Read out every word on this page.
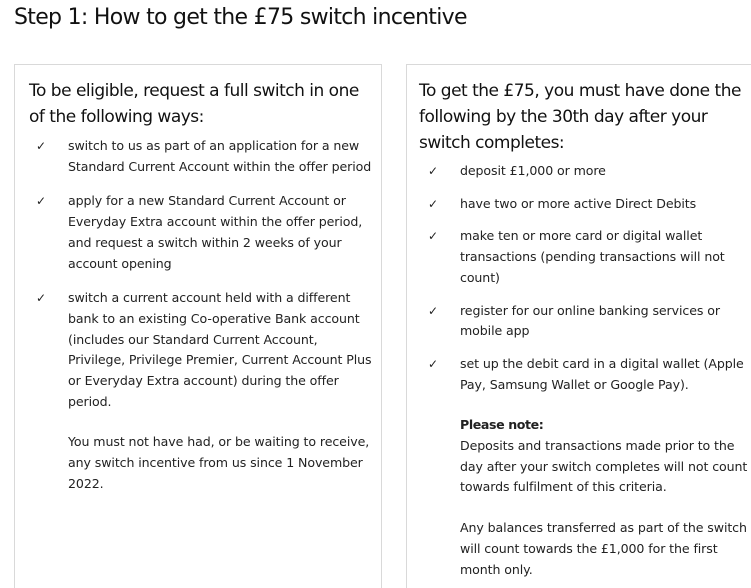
Step 1: How to get the £75 switch incentive
To be eligible, request a full switch in one of the following ways:
✓ switch to us as part of an application for a new Standard Current Account within the offer period
✓ apply for a new Standard Current Account or Everyday Extra account within the offer period, and request a switch within 2 weeks of your account opening
✓ switch a current account held with a different bank to an existing Co-operative Bank account (includes our Standard Current Account, Privilege, Privilege Premier, Current Account Plus or Everyday Extra account) during the offer period.
You must not have had, or be waiting to receive, any switch incentive from us since 1 November 2022.
To get the £75, you must have done the following by the 30th day after your switch completes:
✓ deposit £1,000 or more
✓ have two or more active Direct Debits
✓ make ten or more card or digital wallet transactions (pending transactions will not count)
✓ register for our online banking services or mobile app
✓ set up the debit card in a digital wallet (Apple Pay, Samsung Wallet or Google Pay).
Please note:
Deposits and transactions made prior to the day after your switch completes will not count towards fulfilment of this criteria.
Any balances transferred as part of the switch will count towards the £1,000 for the first month only.
